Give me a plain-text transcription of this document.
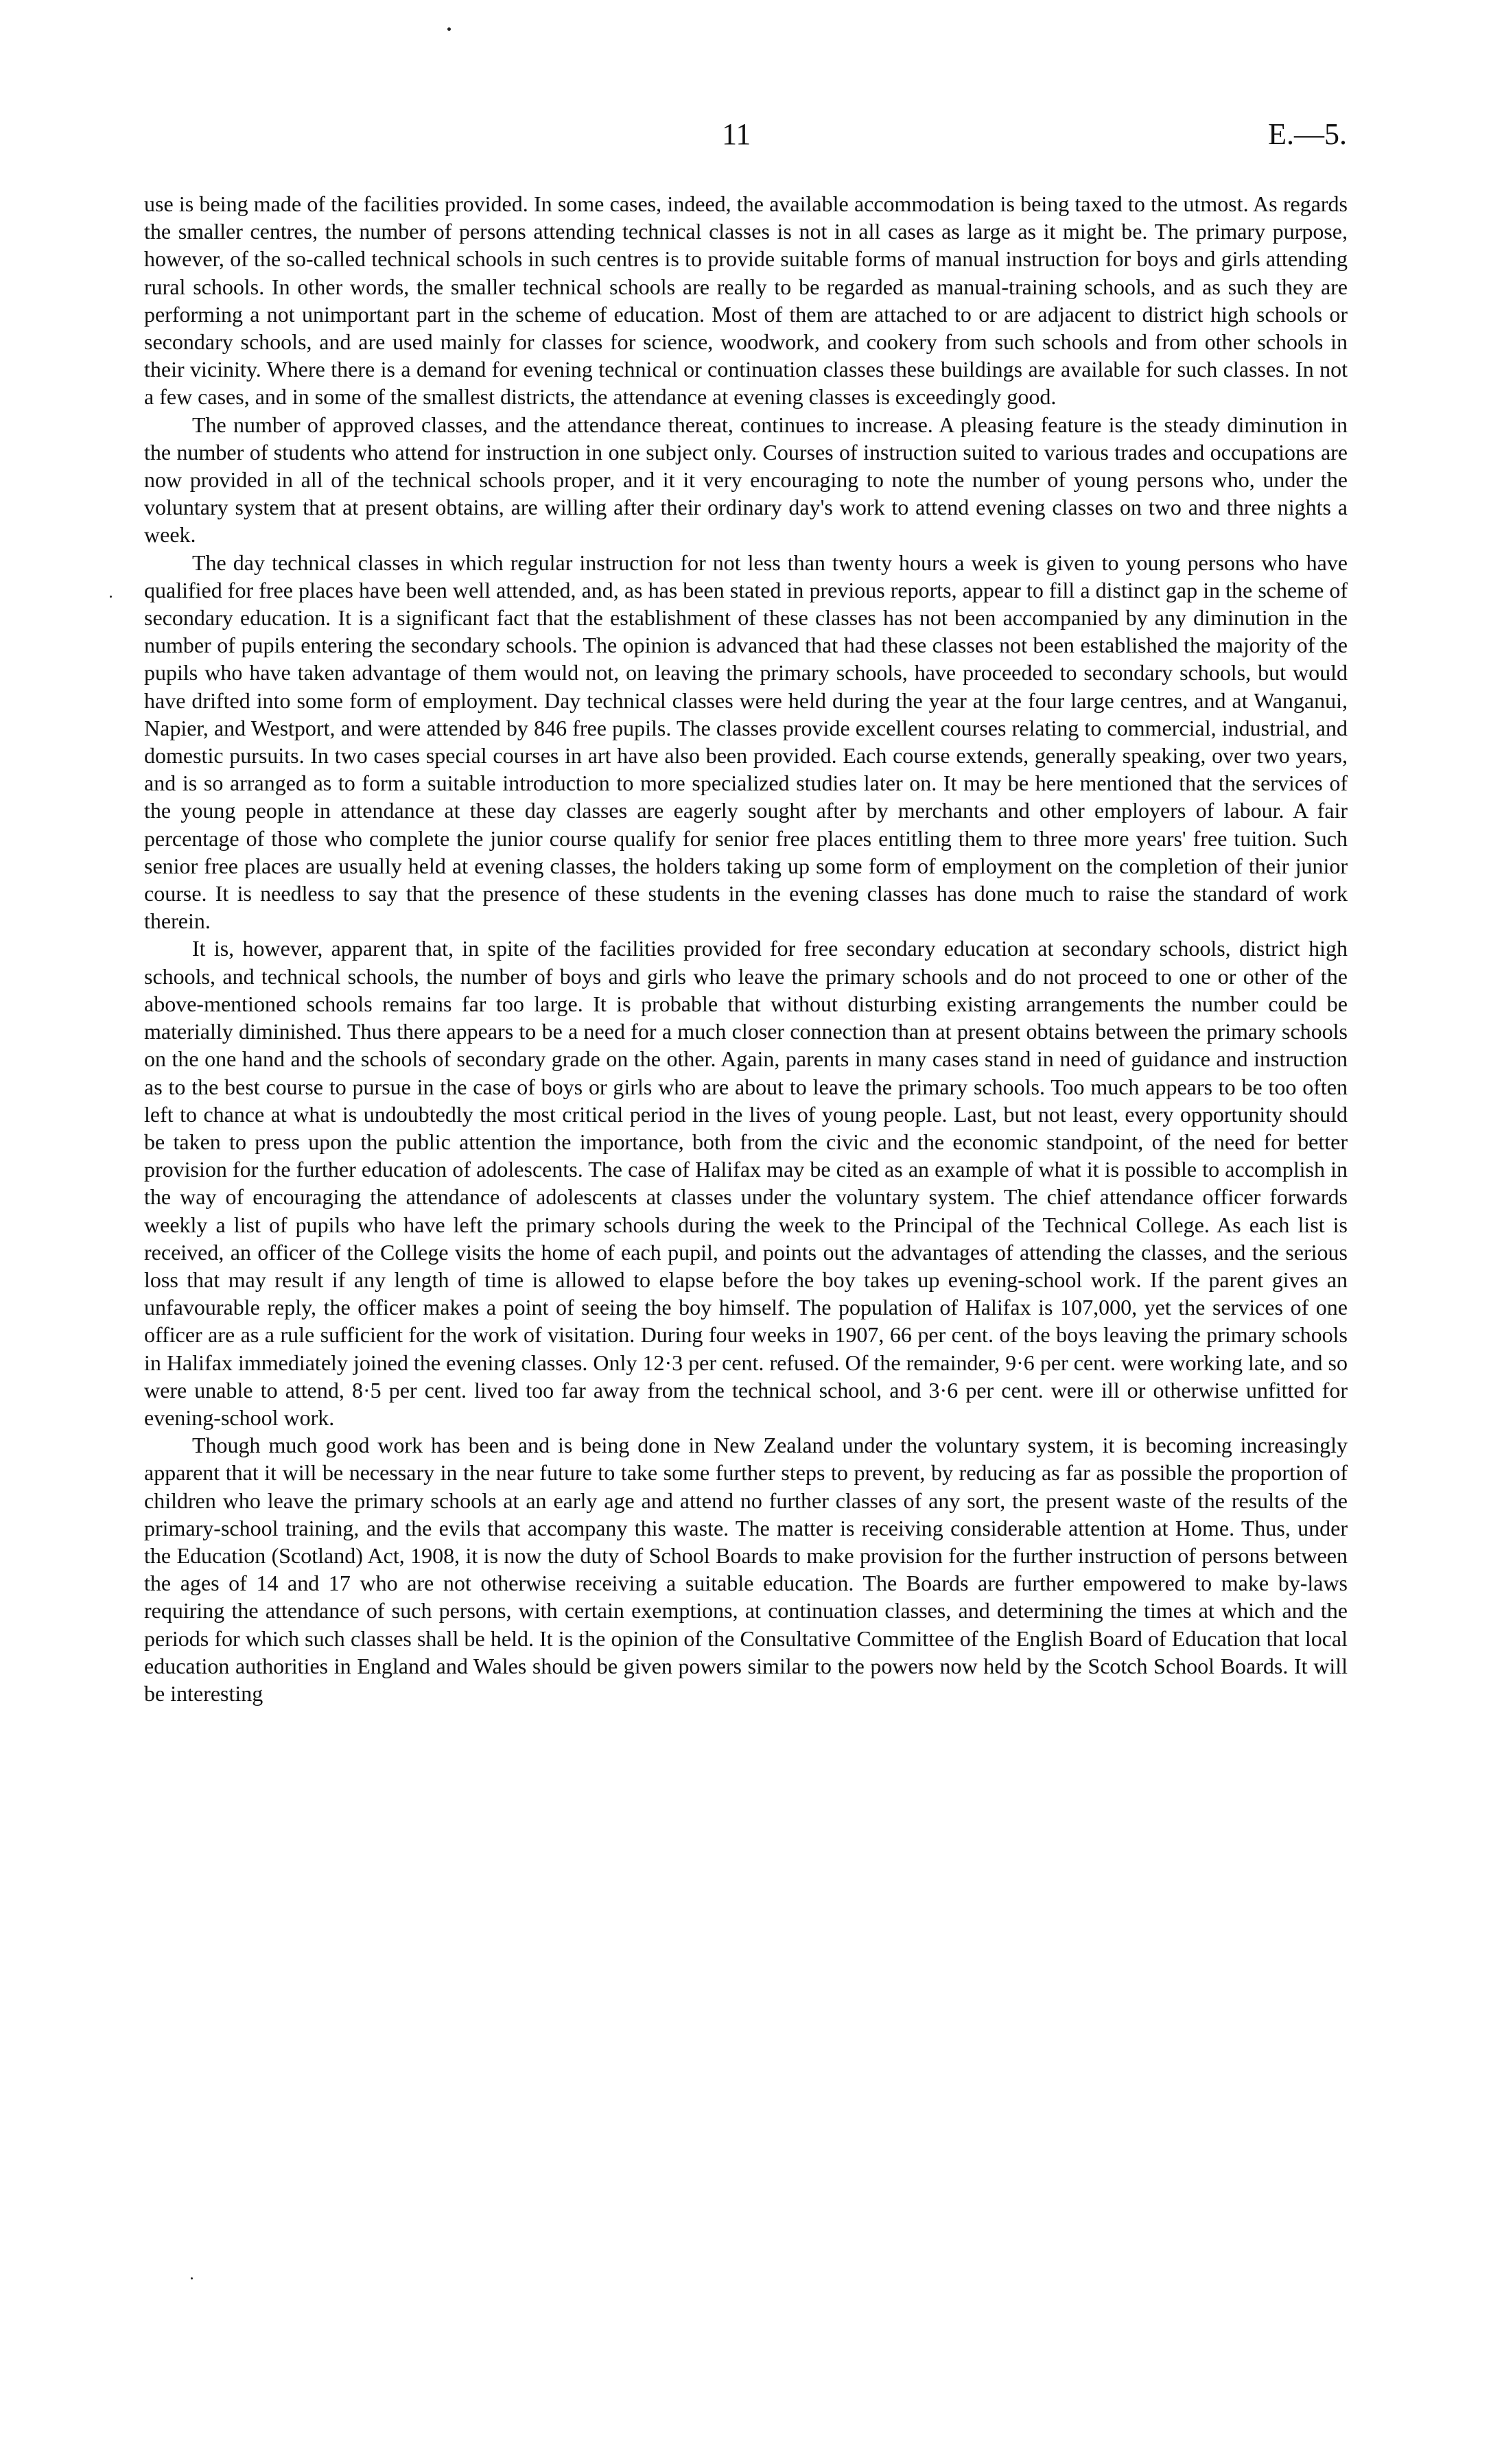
11	E.—5.

use is being made of the facilities provided. In some cases, indeed, the available accommodation is being taxed to the utmost. As regards the smaller centres, the number of persons attending technical classes is not in all cases as large as it might be. The primary purpose, however, of the so-called technical schools in such centres is to provide suitable forms of manual instruction for boys and girls attending rural schools. In other words, the smaller technical schools are really to be regarded as manual-training schools, and as such they are performing a not unimportant part in the scheme of education. Most of them are attached to or are adjacent to district high schools or secondary schools, and are used mainly for classes for science, woodwork, and cookery from such schools and from other schools in their vicinity. Where there is a demand for evening technical or continuation classes these buildings are available for such classes. In not a few cases, and in some of the smallest districts, the attendance at evening classes is exceedingly good.

The number of approved classes, and the attendance thereat, continues to increase. A pleasing feature is the steady diminution in the number of students who attend for instruction in one subject only. Courses of instruction suited to various trades and occupations are now provided in all of the technical schools proper, and it it very encouraging to note the number of young persons who, under the voluntary system that at present obtains, are willing after their ordinary day's work to attend evening classes on two and three nights a week.

The day technical classes in which regular instruction for not less than twenty hours a week is given to young persons who have qualified for free places have been well attended, and, as has been stated in previous reports, appear to fill a distinct gap in the scheme of secondary education. It is a significant fact that the establishment of these classes has not been accompanied by any diminution in the number of pupils entering the secondary schools. The opinion is advanced that had these classes not been established the majority of the pupils who have taken advantage of them would not, on leaving the primary schools, have proceeded to secondary schools, but would have drifted into some form of employment. Day technical classes were held during the year at the four large centres, and at Wanganui, Napier, and Westport, and were attended by 846 free pupils. The classes provide excellent courses relating to commercial, industrial, and domestic pursuits. In two cases special courses in art have also been provided. Each course extends, generally speaking, over two years, and is so arranged as to form a suitable introduction to more specialized studies later on. It may be here mentioned that the services of the young people in attendance at these day classes are eagerly sought after by merchants and other employers of labour. A fair percentage of those who complete the junior course qualify for senior free places entitling them to three more years' free tuition. Such senior free places are usually held at evening classes, the holders taking up some form of employment on the completion of their junior course. It is needless to say that the presence of these students in the evening classes has done much to raise the standard of work therein.

It is, however, apparent that, in spite of the facilities provided for free secondary education at secondary schools, district high schools, and technical schools, the number of boys and girls who leave the primary schools and do not proceed to one or other of the above-mentioned schools remains far too large. It is probable that without disturbing existing arrangements the number could be materially diminished. Thus there appears to be a need for a much closer connection than at present obtains between the primary schools on the one hand and the schools of secondary grade on the other. Again, parents in many cases stand in need of guidance and instruction as to the best course to pursue in the case of boys or girls who are about to leave the primary schools. Too much appears to be too often left to chance at what is undoubtedly the most critical period in the lives of young people. Last, but not least, every opportunity should be taken to press upon the public attention the importance, both from the civic and the economic standpoint, of the need for better provision for the further education of adolescents. The case of Halifax may be cited as an example of what it is possible to accomplish in the way of encouraging the attendance of adolescents at classes under the voluntary system. The chief attendance officer forwards weekly a list of pupils who have left the primary schools during the week to the Principal of the Technical College. As each list is received, an officer of the College visits the home of each pupil, and points out the advantages of attending the classes, and the serious loss that may result if any length of time is allowed to elapse before the boy takes up evening-school work. If the parent gives an unfavourable reply, the officer makes a point of seeing the boy himself. The population of Halifax is 107,000, yet the services of one officer are as a rule sufficient for the work of visitation. During four weeks in 1907, 66 per cent. of the boys leaving the primary schools in Halifax immediately joined the evening classes. Only 12·3 per cent. refused. Of the remainder, 9·6 per cent. were working late, and so were unable to attend, 8·5 per cent. lived too far away from the technical school, and 3·6 per cent. were ill or otherwise unfitted for evening-school work.

Though much good work has been and is being done in New Zealand under the voluntary system, it is becoming increasingly apparent that it will be necessary in the near future to take some further steps to prevent, by reducing as far as possible the proportion of children who leave the primary schools at an early age and attend no further classes of any sort, the present waste of the results of the primary-school training, and the evils that accompany this waste. The matter is receiving considerable attention at Home. Thus, under the Education (Scotland) Act, 1908, it is now the duty of School Boards to make provision for the further instruction of persons between the ages of 14 and 17 who are not otherwise receiving a suitable education. The Boards are further empowered to make by-laws requiring the attendance of such persons, with certain exemptions, at continuation classes, and determining the times at which and the periods for which such classes shall be held. It is the opinion of the Consultative Committee of the English Board of Education that local education authorities in England and Wales should be given powers similar to the powers now held by the Scotch School Boards. It will be interesting
